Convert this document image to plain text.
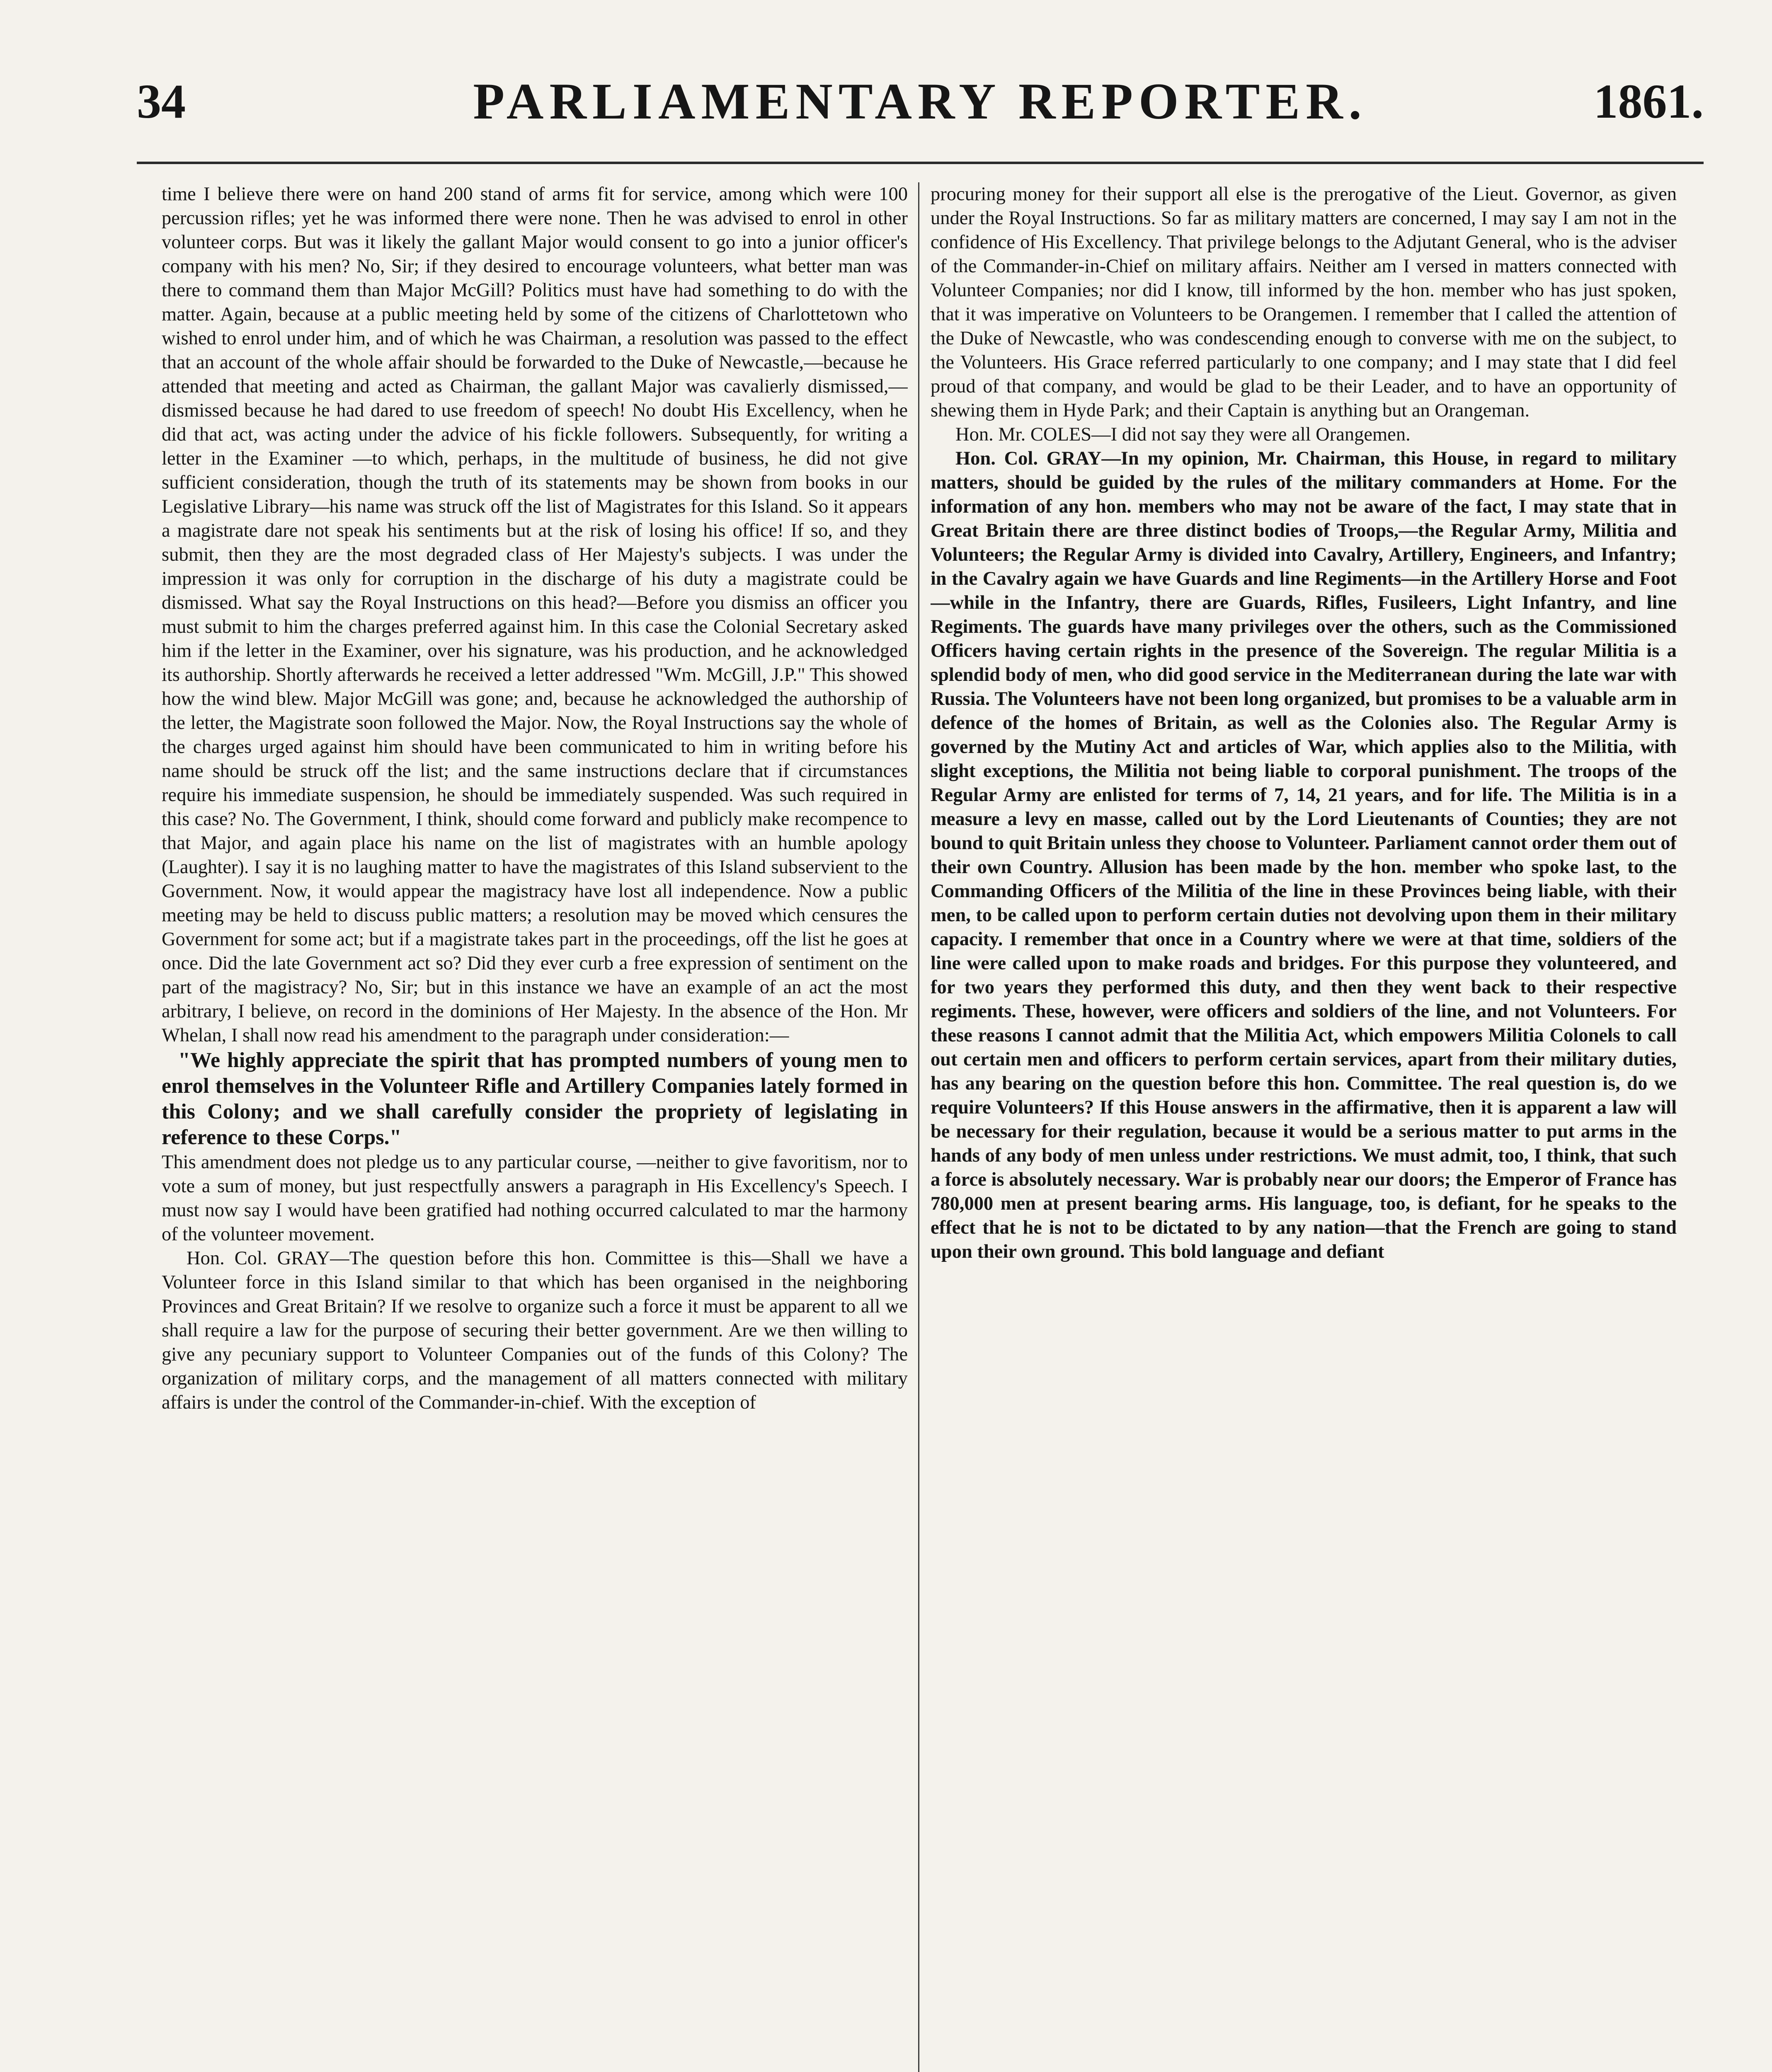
34	PARLIAMENTARY REPORTER.	1861.

time I believe there were on hand 200 stand of arms fit for service, among which were 100 percussion rifles; yet he was informed there were none. Then he was advised to enrol in other volunteer corps. But was it likely the gallant Major would consent to go into a junior officer's company with his men? No, Sir; if they desired to encourage volunteers, what better man was there to command them than Major McGill? Politics must have had something to do with the matter. Again, because at a public meeting held by some of the citizens of Charlottetown who wished to enrol under him, and of which he was Chairman, a resolution was passed to the effect that an account of the whole affair should be forwarded to the Duke of Newcastle,—because he attended that meeting and acted as Chairman, the gallant Major was cavalierly dismissed,—dismissed because he had dared to use freedom of speech! No doubt His Excellency, when he did that act, was acting under the advice of his fickle followers. Subsequently, for writing a letter in the Examiner —to which, perhaps, in the multitude of business, he did not give sufficient consideration, though the truth of its statements may be shown from books in our Legislative Library—his name was struck off the list of Magistrates for this Island. So it appears a magistrate dare not speak his sentiments but at the risk of losing his office! If so, and they submit, then they are the most degraded class of Her Majesty's subjects. I was under the impression it was only for corruption in the discharge of his duty a magistrate could be dismissed. What say the Royal Instructions on this head?—Before you dismiss an officer you must submit to him the charges preferred against him. In this case the Colonial Secretary asked him if the letter in the Examiner, over his signature, was his production, and he acknowledged its authorship. Shortly afterwards he received a letter addressed "Wm. McGill, J.P." This showed how the wind blew. Major McGill was gone; and, because he acknowledged the authorship of the letter, the Magistrate soon followed the Major. Now, the Royal Instructions say the whole of the charges urged against him should have been communicated to him in writing before his name should be struck off the list; and the same instructions declare that if circumstances require his immediate suspension, he should be immediately suspended. Was such required in this case? No. The Government, I think, should come forward and publicly make recompence to that Major, and again place his name on the list of magistrates with an humble apology (Laughter). I say it is no laughing matter to have the magistrates of this Island subservient to the Government. Now, it would appear the magistracy have lost all independence. Now a public meeting may be held to discuss public matters; a resolution may be moved which censures the Government for some act; but if a magistrate takes part in the proceedings, off the list he goes at once. Did the late Government act so? Did they ever curb a free expression of sentiment on the part of the magistracy? No, Sir; but in this instance we have an example of an act the most arbitrary, I believe, on record in the dominions of Her Majesty. In the absence of the Hon. Mr Whelan, I shall now read his amendment to the paragraph under consideration:—

"We highly appreciate the spirit that has prompted numbers of young men to enrol themselves in the Volunteer Rifle and Artillery Companies lately formed in this Colony; and we shall carefully consider the propriety of legislating in reference to these Corps."

This amendment does not pledge us to any particular course, —neither to give favoritism, nor to vote a sum of money, but just respectfully answers a paragraph in His Excellency's Speech. I must now say I would have been gratified had nothing occurred calculated to mar the harmony of the volunteer movement.

Hon. Col. GRAY—The question before this hon. Committee is this—Shall we have a Volunteer force in this Island similar to that which has been organised in the neighboring Provinces and Great Britain? If we resolve to organize such a force it must be apparent to all we shall require a law for the purpose of securing their better government. Are we then willing to give any pecuniary support to Volunteer Companies out of the funds of this Colony? The organization of military corps, and the management of all matters connected with military affairs is under the control of the Commander-in-chief. With the exception of

procuring money for their support all else is the prerogative of the Lieut. Governor, as given under the Royal Instructions. So far as military matters are concerned, I may say I am not in the confidence of His Excellency. That privilege belongs to the Adjutant General, who is the adviser of the Commander-in-Chief on military affairs. Neither am I versed in matters connected with Volunteer Companies; nor did I know, till informed by the hon. member who has just spoken, that it was imperative on Volunteers to be Orangemen. I remember that I called the attention of the Duke of Newcastle, who was condescending enough to converse with me on the subject, to the Volunteers. His Grace referred particularly to one company; and I may state that I did feel proud of that company, and would be glad to be their Leader, and to have an opportunity of shewing them in Hyde Park; and their Captain is anything but an Orangeman.

Hon. Mr. COLES—I did not say they were all Orangemen.

Hon. Col. GRAY—In my opinion, Mr. Chairman, this House, in regard to military matters, should be guided by the rules of the military commanders at Home. For the information of any hon. members who may not be aware of the fact, I may state that in Great Britain there are three distinct bodies of Troops,—the Regular Army, Militia and Volunteers; the Regular Army is divided into Cavalry, Artillery, Engineers, and Infantry; in the Cavalry again we have Guards and line Regiments—in the Artillery Horse and Foot—while in the Infantry, there are Guards, Rifles, Fusileers, Light Infantry, and line Regiments. The guards have many privileges over the others, such as the Commissioned Officers having certain rights in the presence of the Sovereign. The regular Militia is a splendid body of men, who did good service in the Mediterranean during the late war with Russia. The Volunteers have not been long organized, but promises to be a valuable arm in defence of the homes of Britain, as well as the Colonies also. The Regular Army is governed by the Mutiny Act and articles of War, which applies also to the Militia, with slight exceptions, the Militia not being liable to corporal punishment. The troops of the Regular Army are enlisted for terms of 7, 14, 21 years, and for life. The Militia is in a measure a levy en masse, called out by the Lord Lieutenants of Counties; they are not bound to quit Britain unless they choose to Volunteer. Parliament cannot order them out of their own Country. Allusion has been made by the hon. member who spoke last, to the Commanding Officers of the Militia of the line in these Provinces being liable, with their men, to be called upon to perform certain duties not devolving upon them in their military capacity. I remember that once in a Country where we were at that time, soldiers of the line were called upon to make roads and bridges. For this purpose they volunteered, and for two years they performed this duty, and then they went back to their respective regiments. These, however, were officers and soldiers of the line, and not Volunteers. For these reasons I cannot admit that the Militia Act, which empowers Militia Colonels to call out certain men and officers to perform certain services, apart from their military duties, has any bearing on the question before this hon. Committee. The real question is, do we require Volunteers? If this House answers in the affirmative, then it is apparent a law will be necessary for their regulation, because it would be a serious matter to put arms in the hands of any body of men unless under restrictions. We must admit, too, I think, that such a force is absolutely necessary. War is probably near our doors; the Emperor of France has 780,000 men at present bearing arms. His language, too, is defiant, for he speaks to the effect that he is not to be dictated to by any nation—that the French are going to stand upon their own ground. This bold language and defiant
